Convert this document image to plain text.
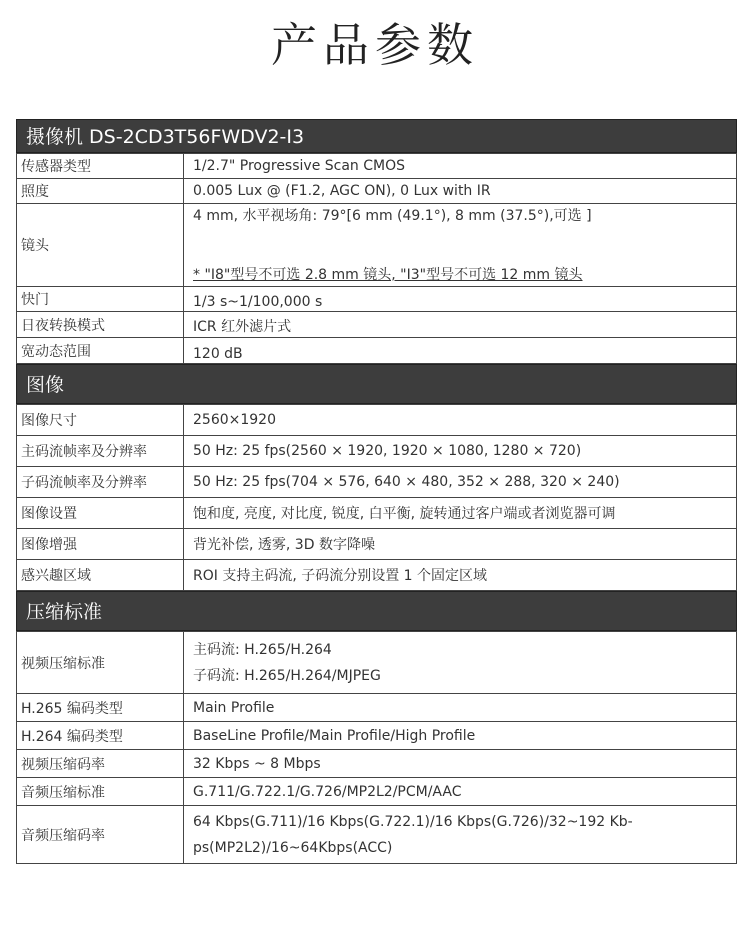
产品参数
摄像机 DS-2CD3T56FWDV2-I3
传感器类型	1/2.7" Progressive Scan CMOS
照度	0.005 Lux @ (F1.2, AGC ON), 0 Lux with IR
镜头	4 mm, 水平视场角: 79°[6 mm (49.1°), 8 mm (37.5°),可选 ]
* "I8"型号不可选 2.8 mm 镜头, "I3"型号不可选 12 mm 镜头

快门	1/3 s~1/100,000 s
日夜转换模式	ICR 红外滤片式
宽动态范围	120 dB
图像
图像尺寸	2560×1920
主码流帧率及分辨率	50 Hz: 25 fps(2560 × 1920, 1920 × 1080, 1280 × 720)
子码流帧率及分辨率	50 Hz: 25 fps(704 × 576, 640 × 480, 352 × 288, 320 × 240)
图像设置	饱和度, 亮度, 对比度, 锐度, 白平衡, 旋转通过客户端或者浏览器可调
图像增强	背光补偿, 透雾, 3D 数字降噪
感兴趣区域	ROI 支持主码流, 子码流分别设置 1 个固定区域
压缩标准
视频压缩标准	主码流: H.265/H.264
子码流: H.265/H.264/MJPEG

H.265 编码类型	Main Profile
H.264 编码类型	BaseLine Profile/Main Profile/High Profile
视频压缩码率	32 Kbps ~ 8 Mbps
音频压缩标准	G.711/G.722.1/G.726/MP2L2/PCM/AAC
音频压缩码率	64 Kbps(G.711)/16 Kbps(G.722.1)/16 Kbps(G.726)/32~192 Kb-
ps(MP2L2)/16~64Kbps(ACC)
